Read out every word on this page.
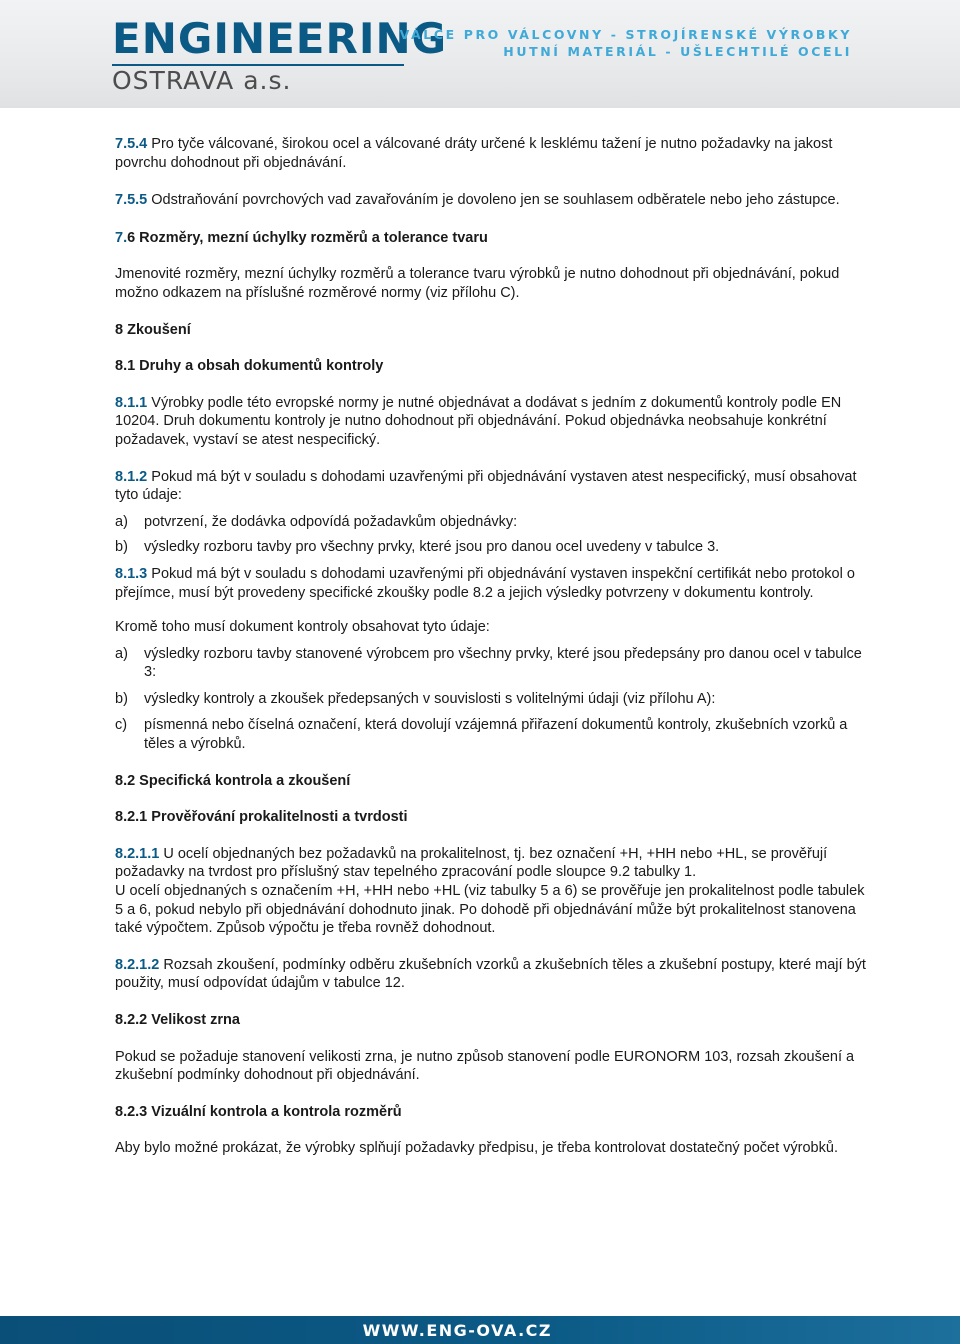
ENGINEERING
OSTRAVA a.s.
VÁLCE PRO VÁLCOVNY - STROJÍRENSKÉ VÝROBKY
HUTNÍ MATERIÁL - UŠLECHTILÉ OCELI

7.5.4 Pro tyče válcované, širokou ocel a válcované dráty určené k lesklému tažení je nutno požadavky na jakost povrchu dohodnout při objednávání.

7.5.5 Odstraňování povrchových vad zavařováním je dovoleno jen se souhlasem odběratele nebo jeho zástupce.

7.6 Rozměry, mezní úchylky rozměrů a tolerance tvaru

Jmenovité rozměry, mezní úchylky rozměrů a tolerance tvaru výrobků je nutno dohodnout při objednávání, pokud možno odkazem na příslušné rozměrové normy (viz přílohu C).

8 Zkoušení

8.1 Druhy a obsah dokumentů kontroly

8.1.1 Výrobky podle této evropské normy je nutné objednávat a dodávat s jedním z dokumentů kontroly podle EN 10204. Druh dokumentu kontroly je nutno dohodnout při objednávání. Pokud objednávka neobsahuje konkrétní požadavek, vystaví se atest nespecifický.

8.1.2 Pokud má být v souladu s dohodami uzavřenými při objednávání vystaven atest nespecifický, musí obsahovat tyto údaje:

a)	potvrzení, že dodávka odpovídá požadavkům objednávky:
b)	výsledky rozboru tavby pro všechny prvky, které jsou pro danou ocel uvedeny v tabulce 3.

8.1.3 Pokud má být v souladu s dohodami uzavřenými při objednávání vystaven inspekční certifikát nebo protokol o přejímce, musí být provedeny specifické zkoušky podle 8.2 a jejich výsledky potvrzeny v dokumentu kontroly.

Kromě toho musí dokument kontroly obsahovat tyto údaje:

a)	výsledky rozboru tavby stanovené výrobcem pro všechny prvky, které jsou předepsány pro danou ocel v tabulce 3:
b)	výsledky kontroly a zkoušek předepsaných v souvislosti s volitelnými údaji (viz přílohu A):
c)	písmenná nebo číselná označení, která dovolují vzájemná přiřazení dokumentů kontroly, zkušebních vzorků a těles a výrobků.

8.2 Specifická kontrola a zkoušení

8.2.1 Prověřování prokalitelnosti a tvrdosti

8.2.1.1 U ocelí objednaných bez požadavků na prokalitelnost, tj. bez označení +H, +HH nebo +HL, se prověřují požadavky na tvrdost pro příslušný stav tepelného zpracování podle sloupce 9.2 tabulky 1.

U ocelí objednaných s označením +H, +HH nebo +HL (viz tabulky 5 a 6) se prověřuje jen prokalitelnost podle tabulek 5 a 6, pokud nebylo při objednávání dohodnuto jinak. Po dohodě při objednávání může být prokalitelnost stanovena také výpočtem. Způsob výpočtu je třeba rovněž dohodnout.

8.2.1.2 Rozsah zkoušení, podmínky odběru zkušebních vzorků a zkušebních těles a zkušební postupy, které mají být použity, musí odpovídat údajům v tabulce 12.

8.2.2 Velikost zrna

Pokud se požaduje stanovení velikosti zrna, je nutno způsob stanovení podle EURONORM 103, rozsah zkoušení a zkušební podmínky dohodnout při objednávání.

8.2.3 Vizuální kontrola a kontrola rozměrů

Aby bylo možné prokázat, že výrobky splňují požadavky předpisu, je třeba kontrolovat dostatečný počet výrobků.

WWW.ENG-OVA.CZ
